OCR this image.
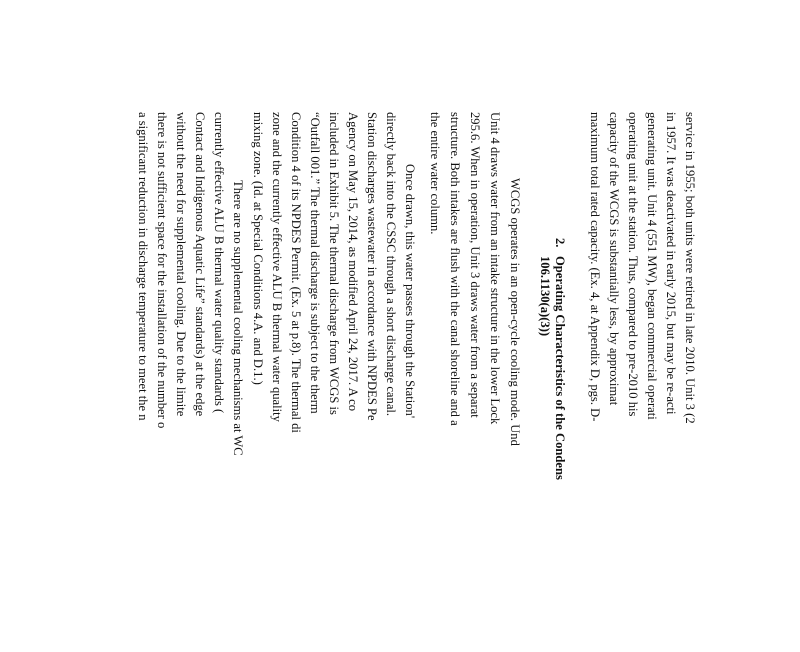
service in 1955; both units were retired in late 2010. Unit 3 (2
in 1957. It was deactivated in early 2015, but may be re-acti
generating unit. Unit 4 (551 MW), began commercial operati
operating unit at the station. Thus, compared to pre-2010 his
capacity of the WCGS is substantially less, by approximat
maximum total rated capacity. (Ex. 4, at Appendix D, pgs. D-
2.
Operating Characteristics of the Condens
106.1130(a)(3))
WCGS operates in an open-cycle cooling mode. Und
Unit 4 draws water from an intake structure in the lower Lock
295.6. When in operation, Unit 3 draws water from a separat
structure. Both intakes are flush with the canal shoreline and a
the entire water column.
Once drawn, this water passes through the Station'
directly back into the CSSC through a short discharge canal.
Station discharges wastewater in accordance with NPDES Pe
Agency on May 15, 2014, as modified April 24, 2017. A co
included in Exhibit 5. The thermal discharge from WCGS is
“Outfall 001.” The thermal discharge is subject to the therm
Condition 4 of its NPDES Permit. (Ex. 5 at p.8). The thermal di
zone and the currently effective ALU B thermal water quality
mixing zone. (Id. at Special Conditions 4.A. and D.1.)
There are no supplemental cooling mechanisms at WC
currently effective ALU B thermal water quality standards (
Contact and Indigenous Aquatic Life” standards) at the edge
without the need for supplemental cooling. Due to the limite
there is not sufficient space for the installation of the number o
a significant reduction in discharge temperature to meet the n
